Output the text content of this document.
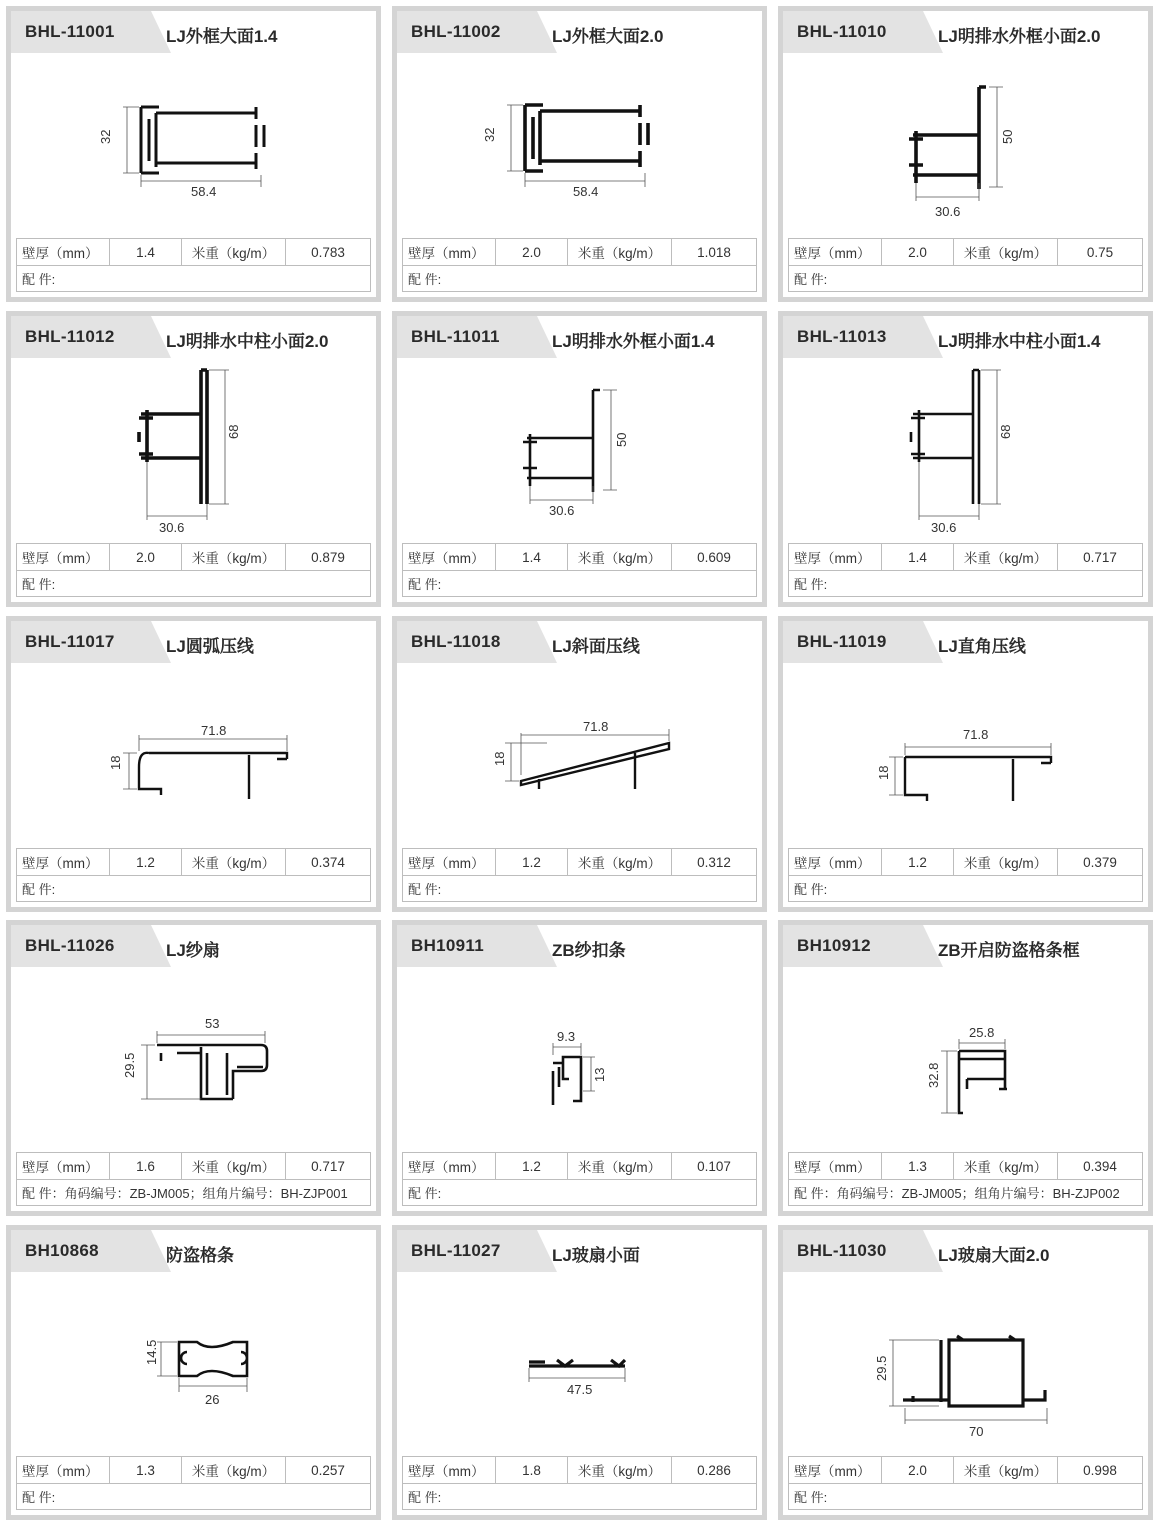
BHL-11001	LJ外框大面1.4
32
58.4
壁厚（mm）	1.4	米重（kg/m）	0.783
配 件:
BHL-11002	LJ外框大面2.0
32
58.4
壁厚（mm）	2.0	米重（kg/m）	1.018
配 件:
BHL-11010	LJ明排水外框小面2.0
50
30.6
壁厚（mm）	2.0	米重（kg/m）	0.75
配 件:
BHL-11012	LJ明排水中柱小面2.0
68
30.6
壁厚（mm）	2.0	米重（kg/m）	0.879
配 件:
BHL-11011	LJ明排水外框小面1.4
50
30.6
壁厚（mm）	1.4	米重（kg/m）	0.609
配 件:
BHL-11013	LJ明排水中柱小面1.4
68
30.6
壁厚（mm）	1.4	米重（kg/m）	0.717
配 件:
BHL-11017	LJ圆弧压线
71.8
18
壁厚（mm）	1.2	米重（kg/m）	0.374
配 件:
BHL-11018	LJ斜面压线
71.8
18
壁厚（mm）	1.2	米重（kg/m）	0.312
配 件:
BHL-11019	LJ直角压线
71.8
18
壁厚（mm）	1.2	米重（kg/m）	0.379
配 件:
BHL-11026	LJ纱扇
53
29.5
壁厚（mm）	1.6	米重（kg/m）	0.717
配 件：角码编号：ZB-JM005；组角片编号：BH-ZJP001
BH10911	ZB纱扣条
9.3
13
壁厚（mm）	1.2	米重（kg/m）	0.107
配 件:
BH10912	ZB开启防盗格条框
25.8
32.8
壁厚（mm）	1.3	米重（kg/m）	0.394
配 件：角码编号：ZB-JM005；组角片编号：BH-ZJP002
BH10868	防盗格条
14.5
26
壁厚（mm）	1.3	米重（kg/m）	0.257
配 件:
BHL-11027	LJ玻扇小面
47.5
壁厚（mm）	1.8	米重（kg/m）	0.286
配 件:
BHL-11030	LJ玻扇大面2.0
29.5
70
壁厚（mm）	2.0	米重（kg/m）	0.998
配 件:
